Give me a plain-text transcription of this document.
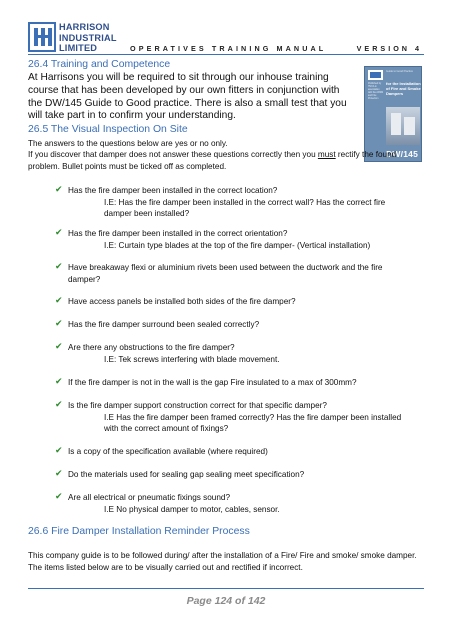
HARRISON
INDUSTRIAL
LIMITED	OPERATIVES TRAINING MANUAL	VERSION 4
26.4 Training and Competence
At Harrisons you will be required to sit through our inhouse training course that has been developed by our own fitters in conjunction with the DW/145 Guide to Good practice. There is also a small test that you will take part in to confirm your understanding.
Guide to Good Practice
Published by HVCA in association with the ADSM and Fire Protection
for the Installation of Fire and Smoke Dampers
DW/145
26.5 The Visual Inspection On Site
The answers to the questions below are yes or no only.
If you discover that damper does not answer these questions correctly then you must rectify the found problem. Bullet points must be ticked off as completed.
✔ Has the fire damper been installed in the correct location?
I.E: Has the fire damper been installed in the correct wall? Has the correct fire damper been installed?
✔ Has the fire damper been installed in the correct orientation?
I.E: Curtain type blades at the top of the fire damper- (Vertical installation)
✔ Have breakaway flexi or aluminium rivets been used between the ductwork and the fire damper?
✔ Have access panels be installed both sides of the fire damper?
✔ Has the fire damper surround been sealed correctly?
✔ Are there any obstructions to the fire damper?
I.E: Tek screws interfering with blade movement.
✔ If the fire damper is not in the wall is the gap Fire insulated to a max of 300mm?
✔ Is the fire damper support construction correct for that specific damper?
I.E Has the fire damper been framed correctly? Has the fire damper been installed with the correct amount of fixings?
✔ Is a copy of the specification available (where required)
✔ Do the materials used for sealing gap sealing meet specification?
✔ Are all electrical or pneumatic fixings sound?
I.E No physical damper to motor, cables, sensor.
26.6 Fire Damper Installation Reminder Process
This company guide is to be followed during/ after the installation of a Fire/ Fire and smoke/ smoke damper. The items listed below are to be visually carried out and rectified if incorrect.
Page 124 of 142
